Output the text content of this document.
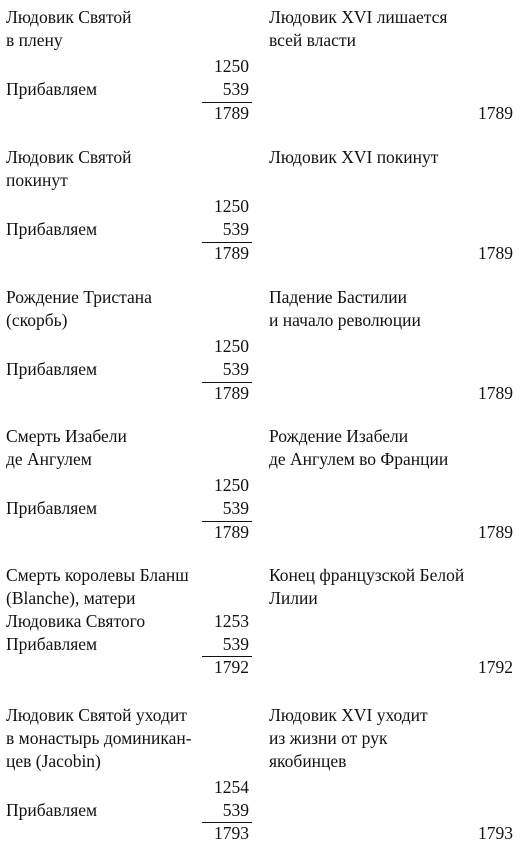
Людовик Святой
в плену
1250
Прибавляем	539
1789
Людовик XVI лишается
всей власти
1789
Людовик Святой
покинут
1250
Прибавляем	539
1789
Людовик XVI покинут
1789
Рождение Тристана
(скорбь)
1250
Прибавляем	539
1789
Падение Бастилии
и начало революции
1789
Смерть Изабели
де Ангулем
1250
Прибавляем	539
1789
Рождение Изабели
де Ангулем во Франции
1789
Смерть королевы Бланш
(Blanche), матери
Людовика Святого	1253
Прибавляем	539
1792
Конец французской Белой
Лилии
1792
Людовик Святой уходит
в монастырь доминикан-
цев (Jacobin)
1254
Прибавляем	539
1793
Людовик XVI уходит
из жизни от рук
якобинцев
1793
